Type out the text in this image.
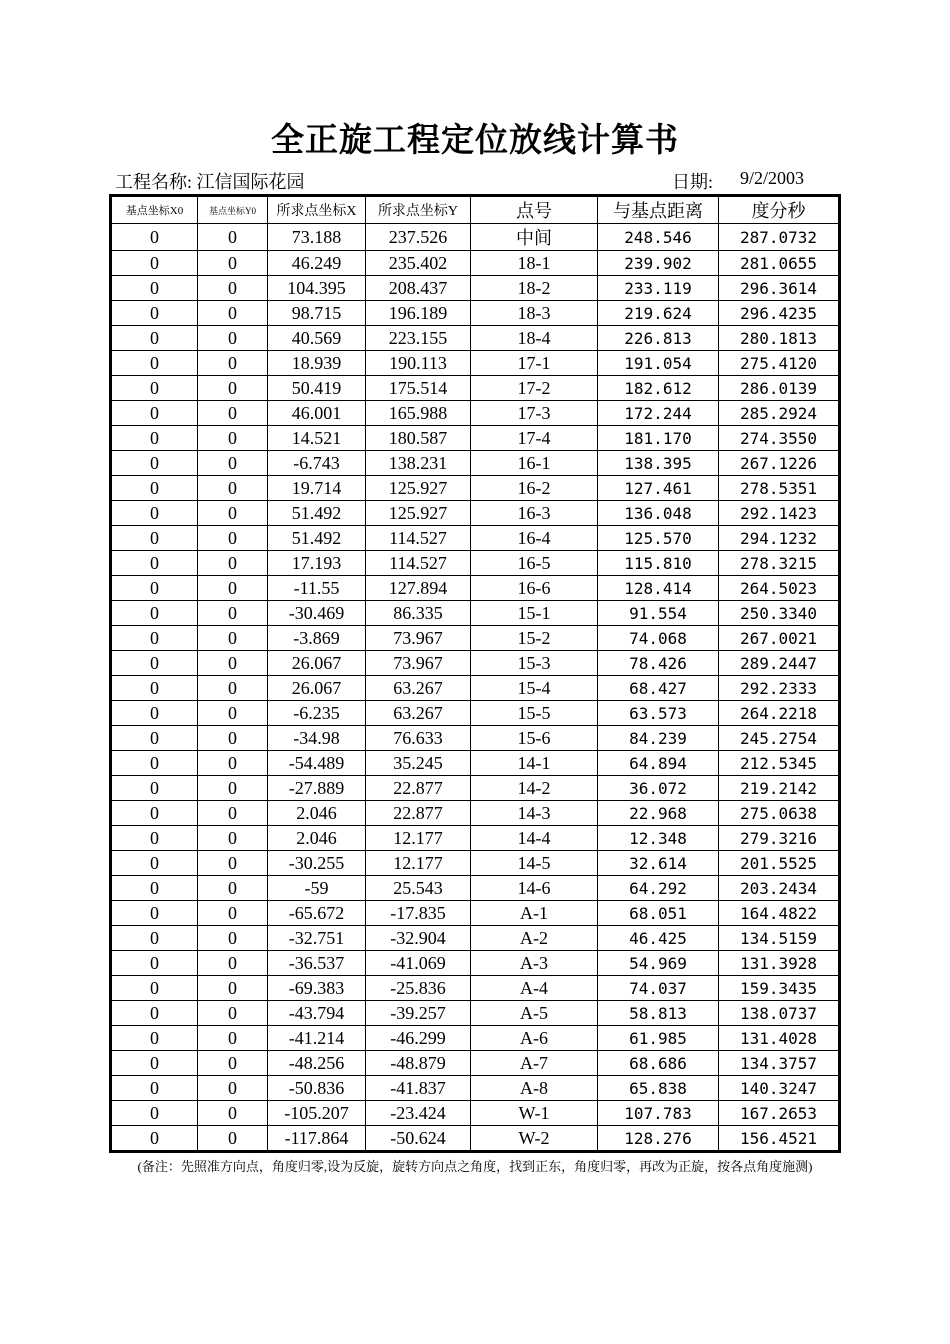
全正旋工程定位放线计算书
工程名称: 江信国际花园	日期: 9/2/2003
基点坐标X0	基点坐标Y0	所求点坐标X	所求点坐标Y	点号	与基点距离	度分秒
0	0	73.188	237.526	中间	248.546	287.0732
0	0	46.249	235.402	18-1	239.902	281.0655
0	0	104.395	208.437	18-2	233.119	296.3614
0	0	98.715	196.189	18-3	219.624	296.4235
0	0	40.569	223.155	18-4	226.813	280.1813
0	0	18.939	190.113	17-1	191.054	275.4120
0	0	50.419	175.514	17-2	182.612	286.0139
0	0	46.001	165.988	17-3	172.244	285.2924
0	0	14.521	180.587	17-4	181.170	274.3550
0	0	-6.743	138.231	16-1	138.395	267.1226
0	0	19.714	125.927	16-2	127.461	278.5351
0	0	51.492	125.927	16-3	136.048	292.1423
0	0	51.492	114.527	16-4	125.570	294.1232
0	0	17.193	114.527	16-5	115.810	278.3215
0	0	-11.55	127.894	16-6	128.414	264.5023
0	0	-30.469	86.335	15-1	91.554	250.3340
0	0	-3.869	73.967	15-2	74.068	267.0021
0	0	26.067	73.967	15-3	78.426	289.2447
0	0	26.067	63.267	15-4	68.427	292.2333
0	0	-6.235	63.267	15-5	63.573	264.2218
0	0	-34.98	76.633	15-6	84.239	245.2754
0	0	-54.489	35.245	14-1	64.894	212.5345
0	0	-27.889	22.877	14-2	36.072	219.2142
0	0	2.046	22.877	14-3	22.968	275.0638
0	0	2.046	12.177	14-4	12.348	279.3216
0	0	-30.255	12.177	14-5	32.614	201.5525
0	0	-59	25.543	14-6	64.292	203.2434
0	0	-65.672	-17.835	A-1	68.051	164.4822
0	0	-32.751	-32.904	A-2	46.425	134.5159
0	0	-36.537	-41.069	A-3	54.969	131.3928
0	0	-69.383	-25.836	A-4	74.037	159.3435
0	0	-43.794	-39.257	A-5	58.813	138.0737
0	0	-41.214	-46.299	A-6	61.985	131.4028
0	0	-48.256	-48.879	A-7	68.686	134.3757
0	0	-50.836	-41.837	A-8	65.838	140.3247
0	0	-105.207	-23.424	W-1	107.783	167.2653
0	0	-117.864	-50.624	W-2	128.276	156.4521
(备注：先照准方向点，角度归零,设为反旋，旋转方向点之角度，找到正东，角度归零，再改为正旋，按各点角度施测)
